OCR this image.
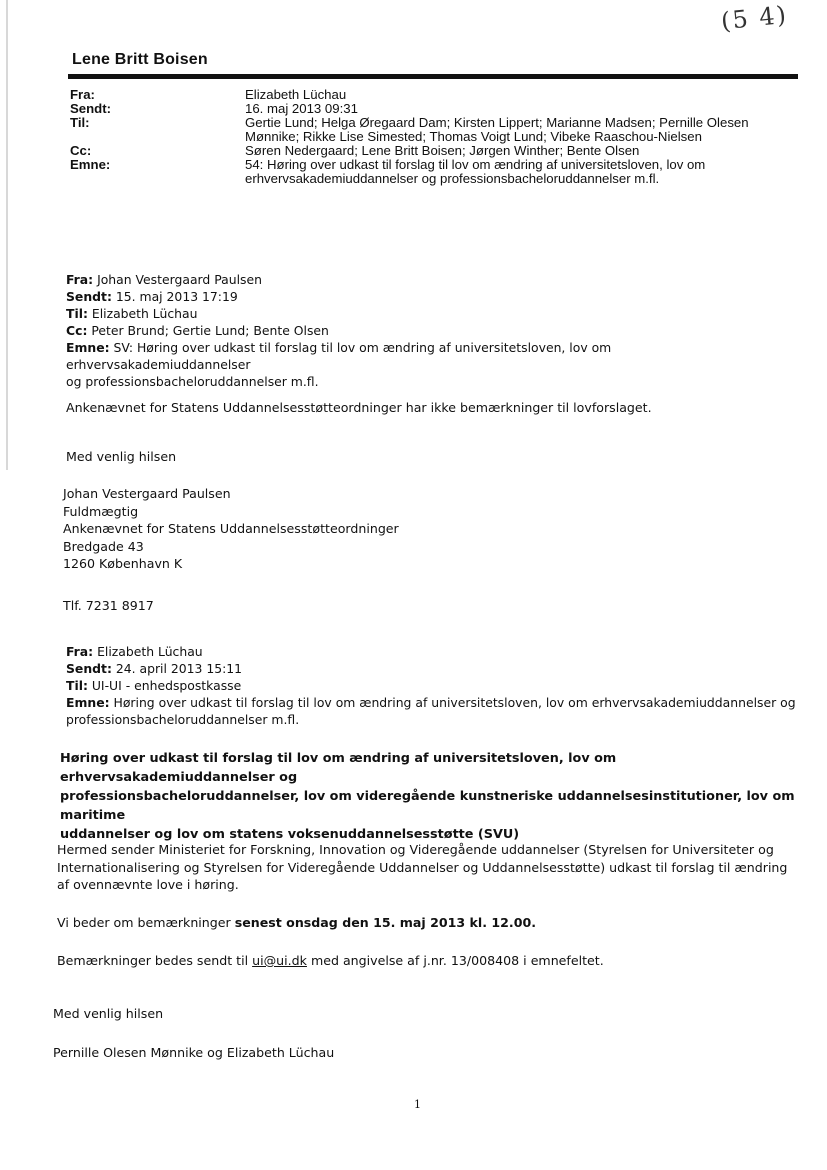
(5 4)
Lene Britt Boisen
Fra:	Elizabeth Lüchau
Sendt:	16. maj 2013 09:31
Til:	Gertie Lund; Helga Øregaard Dam; Kirsten Lippert; Marianne Madsen; Pernille Olesen
Mønnike; Rikke Lise Simested; Thomas Voigt Lund; Vibeke Raaschou-Nielsen
Cc:	Søren Nedergaard; Lene Britt Boisen; Jørgen Winther; Bente Olsen
Emne:	54: Høring over udkast til forslag til lov om ændring af universitetsloven, lov om
erhvervsakademiuddannelser og professionsbacheloruddannelser m.fl.
Fra: Johan Vestergaard Paulsen
Sendt: 15. maj 2013 17:19
Til: Elizabeth Lüchau
Cc: Peter Brund; Gertie Lund; Bente Olsen
Emne: SV: Høring over udkast til forslag til lov om ændring af universitetsloven, lov om erhvervsakademiuddannelser
og professionsbacheloruddannelser m.fl.
Ankenævnet for Statens Uddannelsesstøtteordninger har ikke bemærkninger til lovforslaget.
Med venlig hilsen
Johan Vestergaard Paulsen
Fuldmægtig
Ankenævnet for Statens Uddannelsesstøtteordninger
Bredgade 43
1260 København K
Tlf. 7231 8917
Fra: Elizabeth Lüchau
Sendt: 24. april 2013 15:11
Til: UI-UI - enhedspostkasse
Emne: Høring over udkast til forslag til lov om ændring af universitetsloven, lov om erhvervsakademiuddannelser og
professionsbacheloruddannelser m.fl.
Høring over udkast til forslag til lov om ændring af universitetsloven, lov om erhvervsakademiuddannelser og
professionsbacheloruddannelser, lov om videregående kunstneriske uddannelsesinstitutioner, lov om maritime
uddannelser og lov om statens voksenuddannelsesstøtte (SVU)
Hermed sender Ministeriet for Forskning, Innovation og Videregående uddannelser (Styrelsen for Universiteter og
Internationalisering og Styrelsen for Videregående Uddannelser og Uddannelsesstøtte) udkast til forslag til ændring
af ovennævnte love i høring.
Vi beder om bemærkninger senest onsdag den 15. maj 2013 kl. 12.00.
Bemærkninger bedes sendt til ui@ui.dk med angivelse af j.nr. 13/008408 i emnefeltet.
Med venlig hilsen
Pernille Olesen Mønnike og Elizabeth Lüchau
1
